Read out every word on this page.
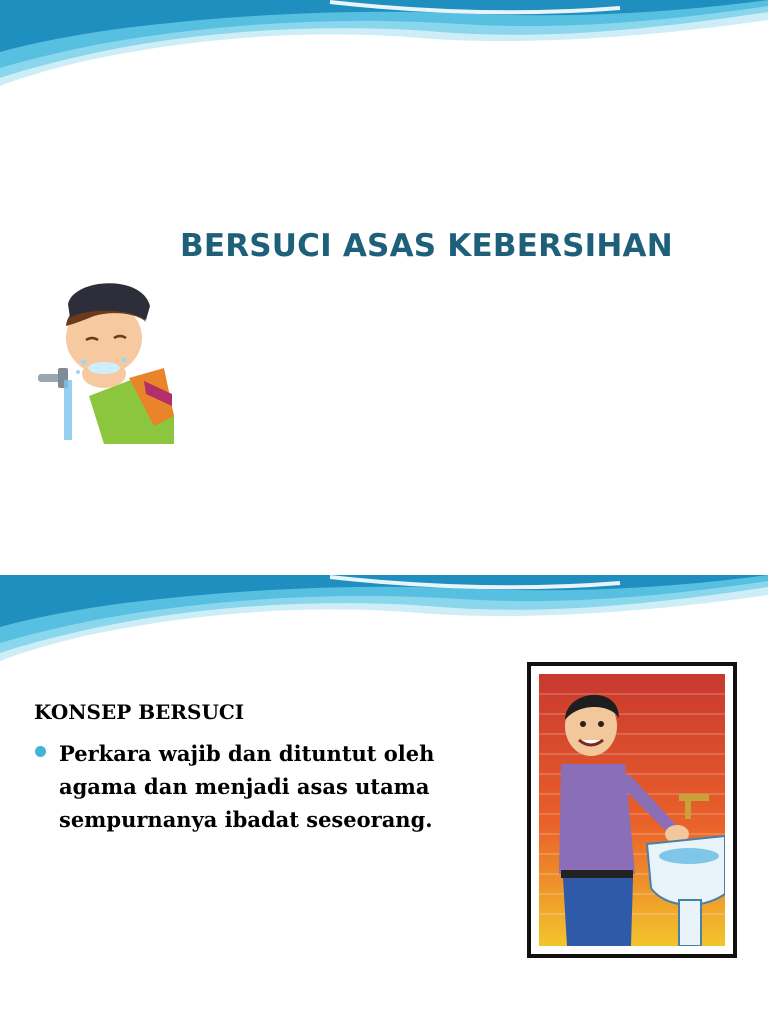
BERSUCI ASAS KEBERSIHAN
KONSEP BERSUCI
Perkara wajib dan dituntut oleh agama dan menjadi asas utama sempurnanya ibadat seseorang.
